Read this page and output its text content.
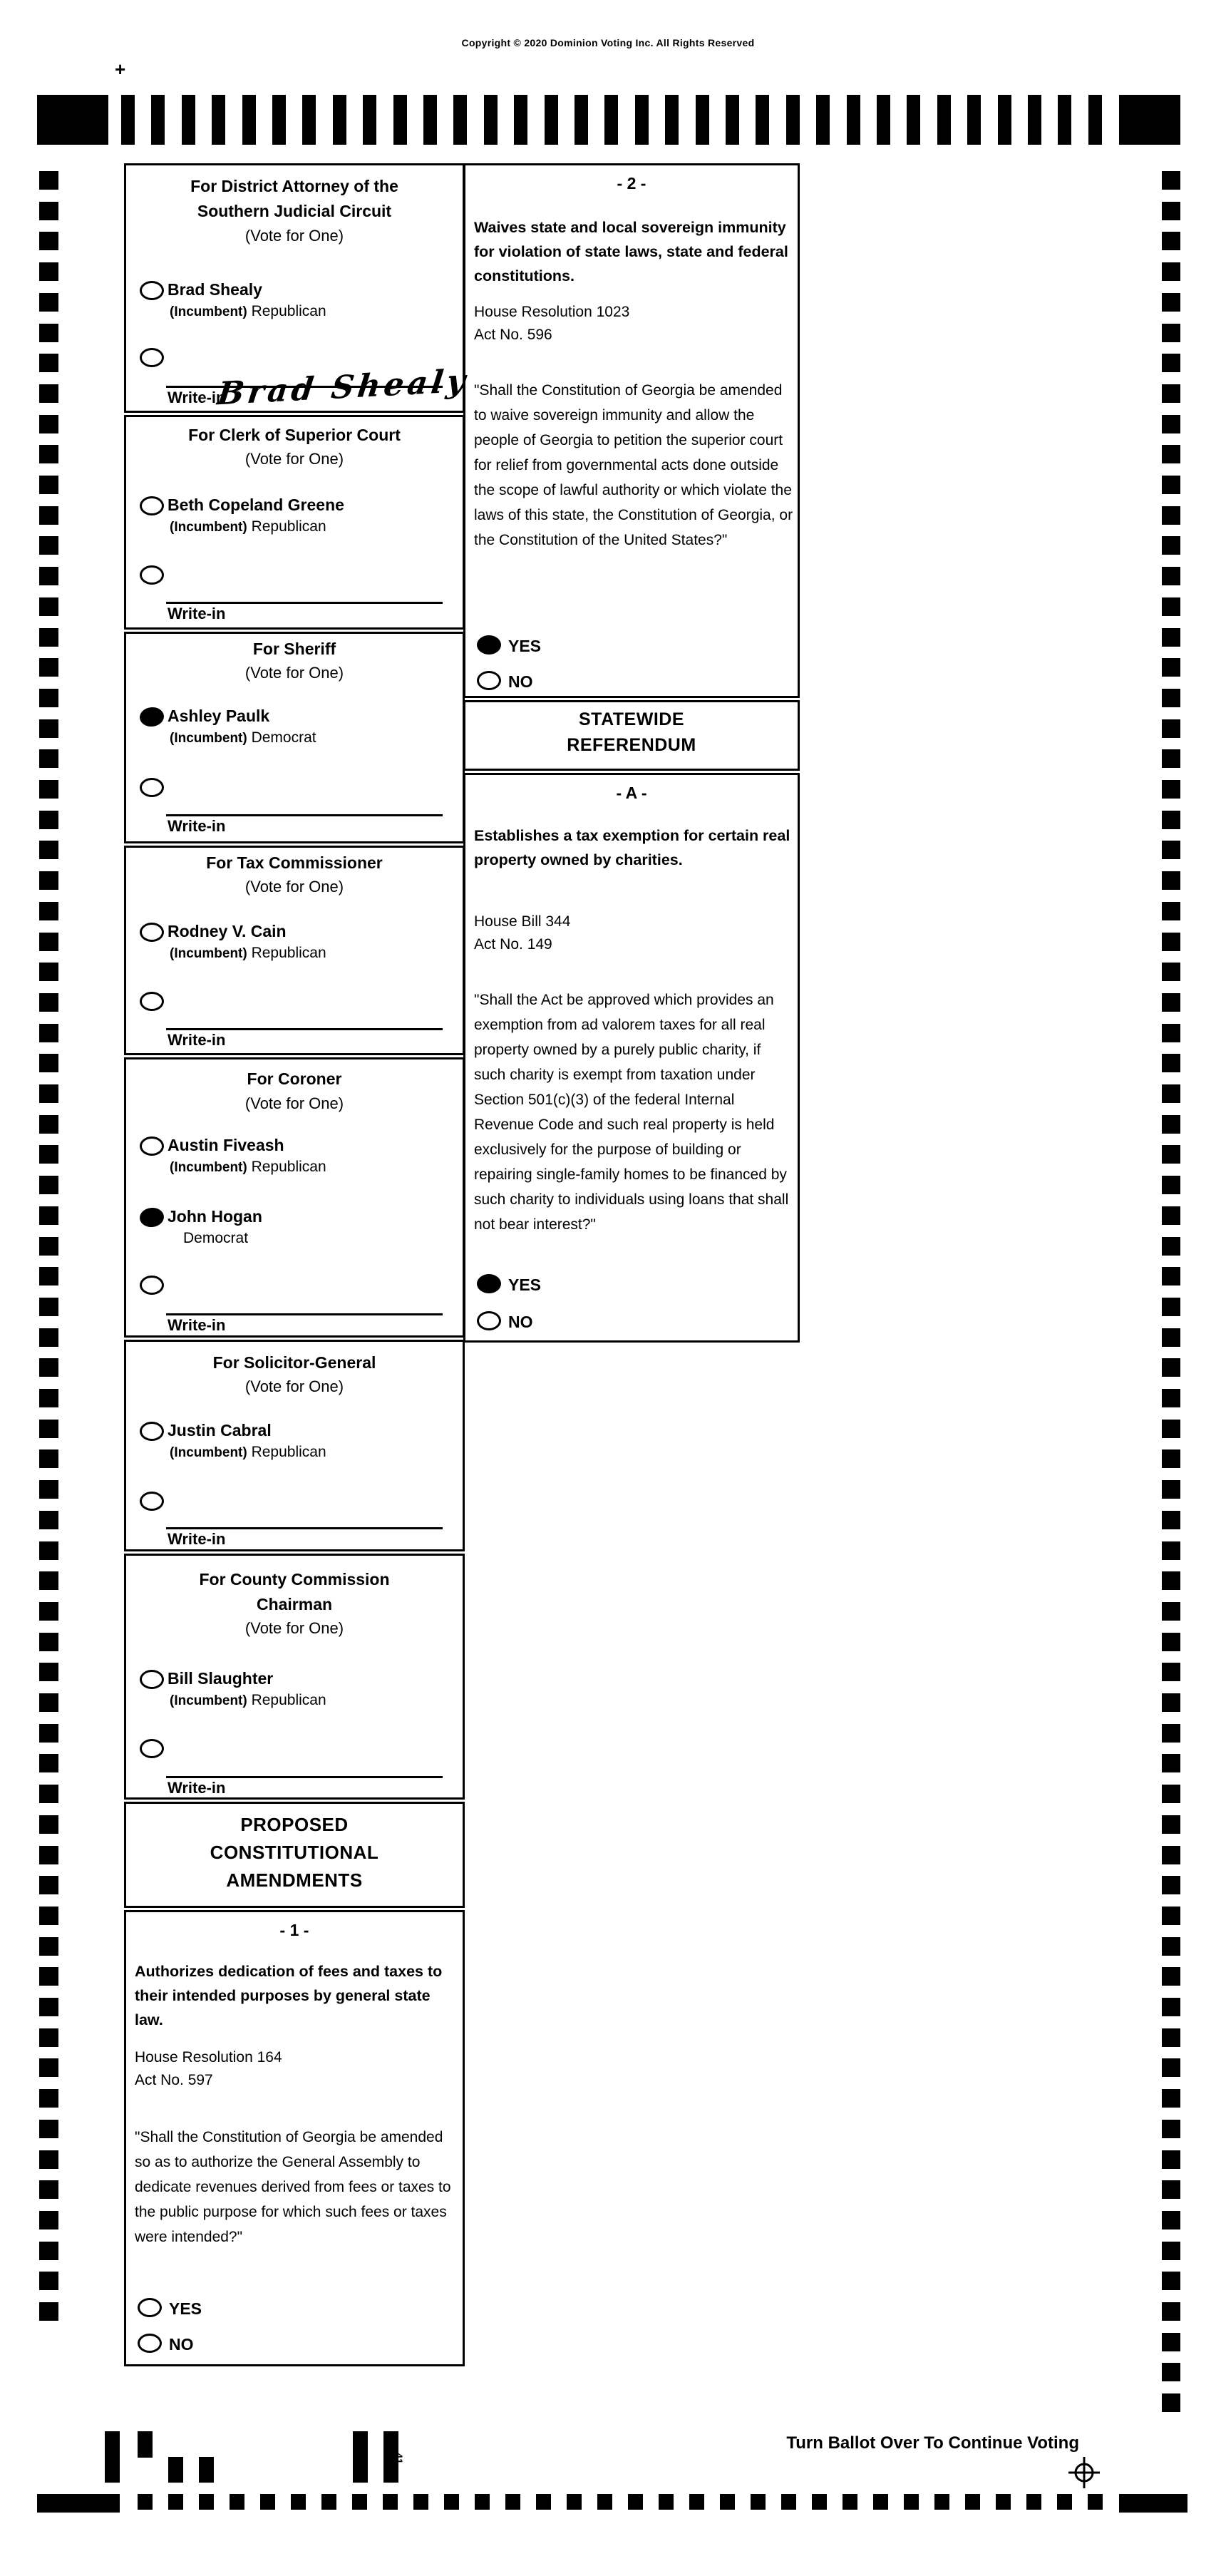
Copyright © 2020 Dominion Voting Inc. All Rights Reserved
+
For District Attorney of the
Southern Judicial Circuit
(Vote for One)
Brad Shealy
(Incumbent) Republican
Write-in
Brad Shealy
For Clerk of Superior Court
(Vote for One)
Beth Copeland Greene
(Incumbent) Republican
Write-in
For Sheriff
(Vote for One)
Ashley Paulk
(Incumbent) Democrat
Write-in
For Tax Commissioner
(Vote for One)
Rodney V. Cain
(Incumbent) Republican
Write-in
For Coroner
(Vote for One)
Austin Fiveash
(Incumbent) Republican
John Hogan
Democrat
Write-in
For Solicitor-General
(Vote for One)
Justin Cabral
(Incumbent) Republican
Write-in
For County Commission
Chairman
(Vote for One)
Bill Slaughter
(Incumbent) Republican
Write-in
PROPOSED
CONSTITUTIONAL
AMENDMENTS
- 1 -
Authorizes dedication of fees and taxes to their intended purposes by general state law.
House Resolution 164
Act No. 597
"Shall the Constitution of Georgia be amended so as to authorize the General Assembly to dedicate revenues derived from fees or taxes to the public purpose for which such fees or taxes were intended?"
YES
NO
- 2 -
Waives state and local sovereign immunity for violation of state laws, state and federal constitutions.
House Resolution 1023
Act No. 596
"Shall the Constitution of Georgia be amended to waive sovereign immunity and allow the people of Georgia to petition the superior court for relief from governmental acts done outside the scope of lawful authority or which violate the laws of this state, the Constitution of Georgia, or the Constitution of the United States?"
YES
NO
STATEWIDE
REFERENDUM
- A -
Establishes a tax exemption for certain real property owned by charities.
House Bill 344
Act No. 149
"Shall the Act be approved which provides an exemption from ad valorem taxes for all real property owned by a purely public charity, if such charity is exempt from taxation under Section 501(c)(3) of the federal Internal Revenue Code and such real property is held exclusively for the purpose of building or repairing single-family homes to be financed by such charity to individuals using loans that shall not bear interest?"
YES
NO
41
Turn Ballot Over To Continue Voting
